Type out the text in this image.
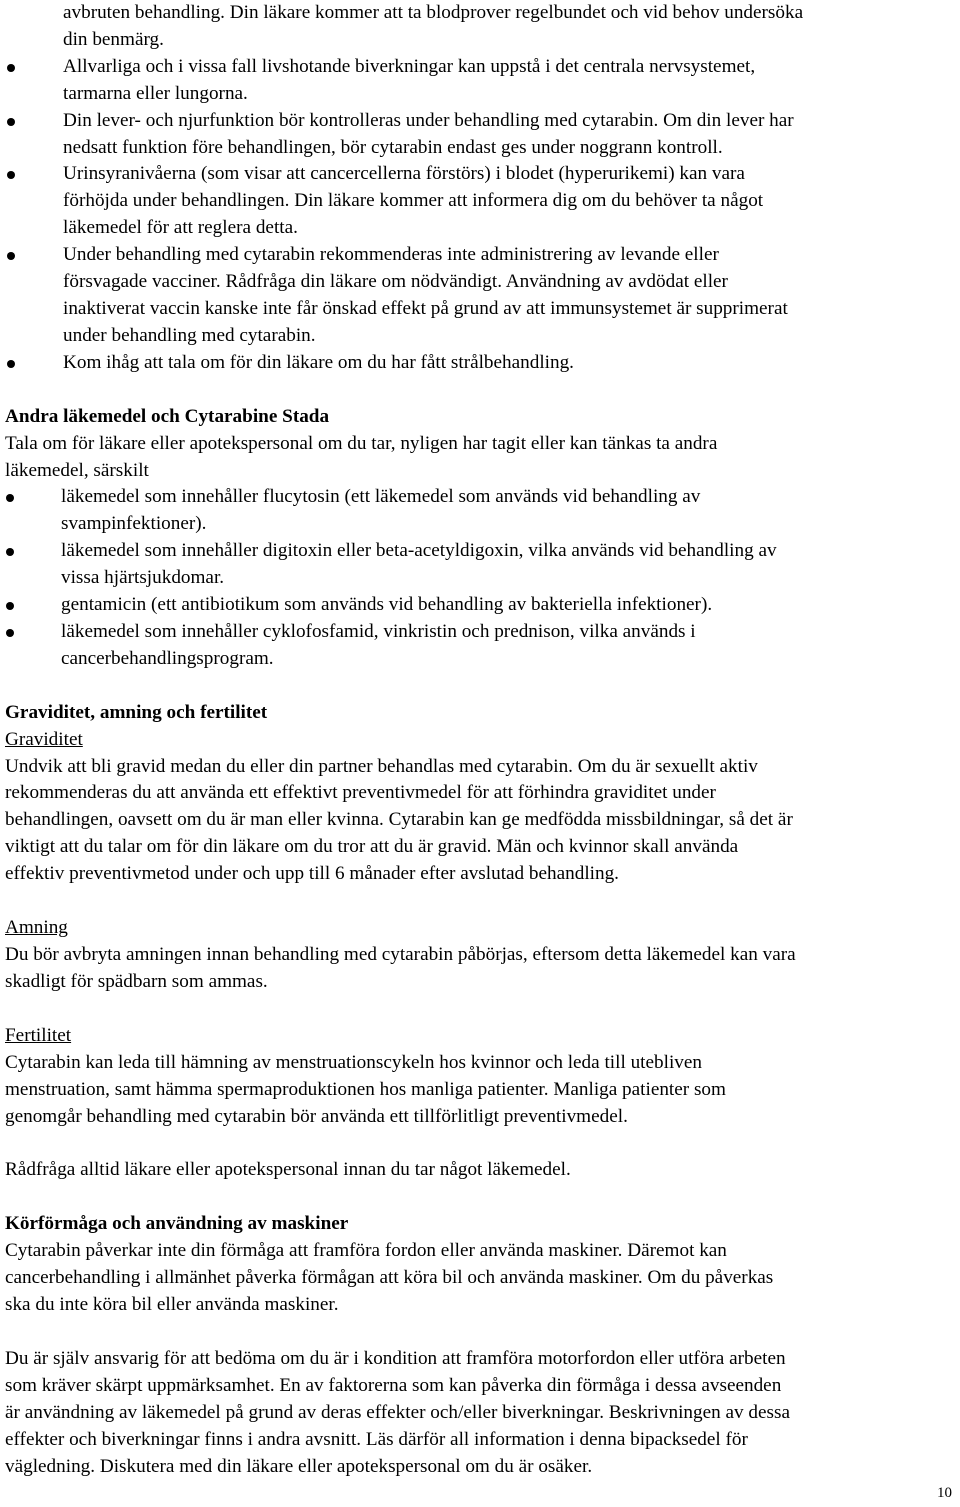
avbruten behandling. Din läkare kommer att ta blodprover regelbundet och vid behov undersöka
din benmärg.

Allvarliga och i vissa fall livshotande biverkningar kan uppstå i det centrala nervsystemet,
tarmarna eller lungorna.
Din lever- och njurfunktion bör kontrolleras under behandling med cytarabin. Om din lever har
nedsatt funktion före behandlingen, bör cytarabin endast ges under noggrann kontroll.
Urinsyranivåerna (som visar att cancercellerna förstörs) i blodet (hyperurikemi) kan vara
förhöjda under behandlingen. Din läkare kommer att informera dig om du behöver ta något
läkemedel för att reglera detta.
Under behandling med cytarabin rekommenderas inte administrering av levande eller
försvagade vacciner. Rådfråga din läkare om nödvändigt. Användning av avdödat eller
inaktiverat vaccin kanske inte får önskad effekt på grund av att immunsystemet är supprimerat
under behandling med cytarabin.
Kom ihåg att tala om för din läkare om du har fått strålbehandling.

Andra läkemedel och Cytarabine Stada

Tala om för läkare eller apotekspersonal om du tar, nyligen har tagit eller kan tänkas ta andra
läkemedel, särskilt

läkemedel som innehåller flucytosin (ett läkemedel som används vid behandling av
svampinfektioner).
läkemedel som innehåller digitoxin eller beta-acetyldigoxin, vilka används vid behandling av
vissa hjärtsjukdomar.
gentamicin (ett antibiotikum som används vid behandling av bakteriella infektioner).
läkemedel som innehåller cyklofosfamid, vinkristin och prednison, vilka används i
cancerbehandlingsprogram.

Graviditet, amning och fertilitet

Graviditet

Undvik att bli gravid medan du eller din partner behandlas med cytarabin. Om du är sexuellt aktiv
rekommenderas du att använda ett effektivt preventivmedel för att förhindra graviditet under
behandlingen, oavsett om du är man eller kvinna. Cytarabin kan ge medfödda missbildningar, så det är
viktigt att du talar om för din läkare om du tror att du är gravid. Män och kvinnor skall använda
effektiv preventivmetod under och upp till 6 månader efter avslutad behandling.

Amning

Du bör avbryta amningen innan behandling med cytarabin påbörjas, eftersom detta läkemedel kan vara
skadligt för spädbarn som ammas.

Fertilitet

Cytarabin kan leda till hämning av menstruationscykeln hos kvinnor och leda till utebliven
menstruation, samt hämma spermaproduktionen hos manliga patienter. Manliga patienter som
genomgår behandling med cytarabin bör använda ett tillförlitligt preventivmedel.

Rådfråga alltid läkare eller apotekspersonal innan du tar något läkemedel.

Körförmåga och användning av maskiner

Cytarabin påverkar inte din förmåga att framföra fordon eller använda maskiner. Däremot kan
cancerbehandling i allmänhet påverka förmågan att köra bil och använda maskiner. Om du påverkas
ska du inte köra bil eller använda maskiner.

Du är själv ansvarig för att bedöma om du är i kondition att framföra motorfordon eller utföra arbeten
som kräver skärpt uppmärksamhet. En av faktorerna som kan påverka din förmåga i dessa avseenden
är användning av läkemedel på grund av deras effekter och/eller biverkningar. Beskrivningen av dessa
effekter och biverkningar finns i andra avsnitt. Läs därför all information i denna bipacksedel för
vägledning. Diskutera med din läkare eller apotekspersonal om du är osäker.

10
